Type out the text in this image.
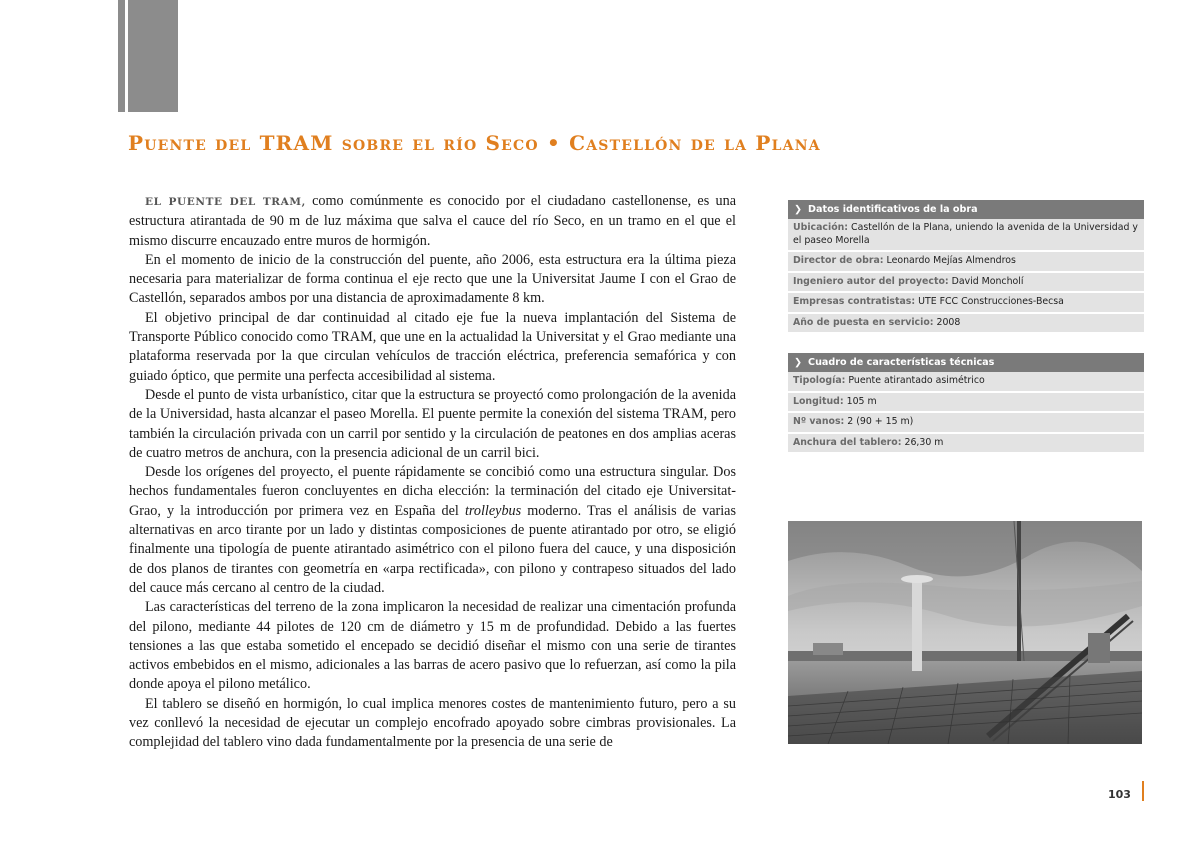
12
Puente del TRAM sobre el río Seco • Castellón de la Plana

EL PUENTE DEL TRAM, como comúnmente es conocido por el ciudadano castellonense, es una estructura atirantada de 90 m de luz máxima que salva el cauce del río Seco, en un tramo en el que el mismo discurre encauzado entre muros de hormigón.

En el momento de inicio de la construcción del puente, año 2006, esta estructura era la última pieza necesaria para materializar de forma continua el eje recto que une la Universitat Jaume I con el Grao de Castellón, separados ambos por una distancia de aproximadamente 8 km.

El objetivo principal de dar continuidad al citado eje fue la nueva implantación del Sistema de Transporte Público conocido como TRAM, que une en la actualidad la Universitat y el Grao mediante una plataforma reservada por la que circulan vehículos de tracción eléctrica, preferencia semafórica y con guiado óptico, que permite una perfecta accesibilidad al sistema.

Desde el punto de vista urbanístico, citar que la estructura se proyectó como prolongación de la avenida de la Universidad, hasta alcanzar el paseo Morella. El puente permite la conexión del sistema TRAM, pero también la circulación privada con un carril por sentido y la circulación de peatones en dos amplias aceras de cuatro metros de anchura, con la presencia adicional de un carril bici.

Desde los orígenes del proyecto, el puente rápidamente se concibió como una estructura singular. Dos hechos fundamentales fueron concluyentes en dicha elección: la terminación del citado eje Universitat-Grao, y la introducción por primera vez en España del trolleybus moderno. Tras el análisis de varias alternativas en arco tirante por un lado y distintas composiciones de puente atirantado por otro, se eligió finalmente una tipología de puente atirantado asimétrico con el pilono fuera del cauce, y una disposición de dos planos de tirantes con geometría en «arpa rectificada», con pilono y contrapeso situados del lado del cauce más cercano al centro de la ciudad.

Las características del terreno de la zona implicaron la necesidad de realizar una cimentación profunda del pilono, mediante 44 pilotes de 120 cm de diámetro y 15 m de profundidad. Debido a las fuertes tensiones a las que estaba sometido el encepado se decidió diseñar el mismo con una serie de tirantes activos embebidos en el mismo, adicionales a las barras de acero pasivo que lo refuerzan, así como la pila donde apoya el pilono metálico.

El tablero se diseñó en hormigón, lo cual implica menores costes de mantenimiento futuro, pero a su vez conllevó la necesidad de ejecutar un complejo encofrado apoyado sobre cimbras provisionales. La complejidad del tablero vino dada fundamentalmente por la presencia de una serie de

❯ Datos identificativos de la obra
Ubicación: Castellón de la Plana, uniendo la avenida de la Universidad y el paseo Morella
Director de obra: Leonardo Mejías Almendros
Ingeniero autor del proyecto: David Moncholí
Empresas contratistas: UTE FCC Construcciones-Becsa
Año de puesta en servicio: 2008
❯ Cuadro de características técnicas
Tipología: Puente atirantado asimétrico
Longitud: 105 m
Nº vanos: 2 (90 + 15 m)
Anchura del tablero: 26,30 m
103
